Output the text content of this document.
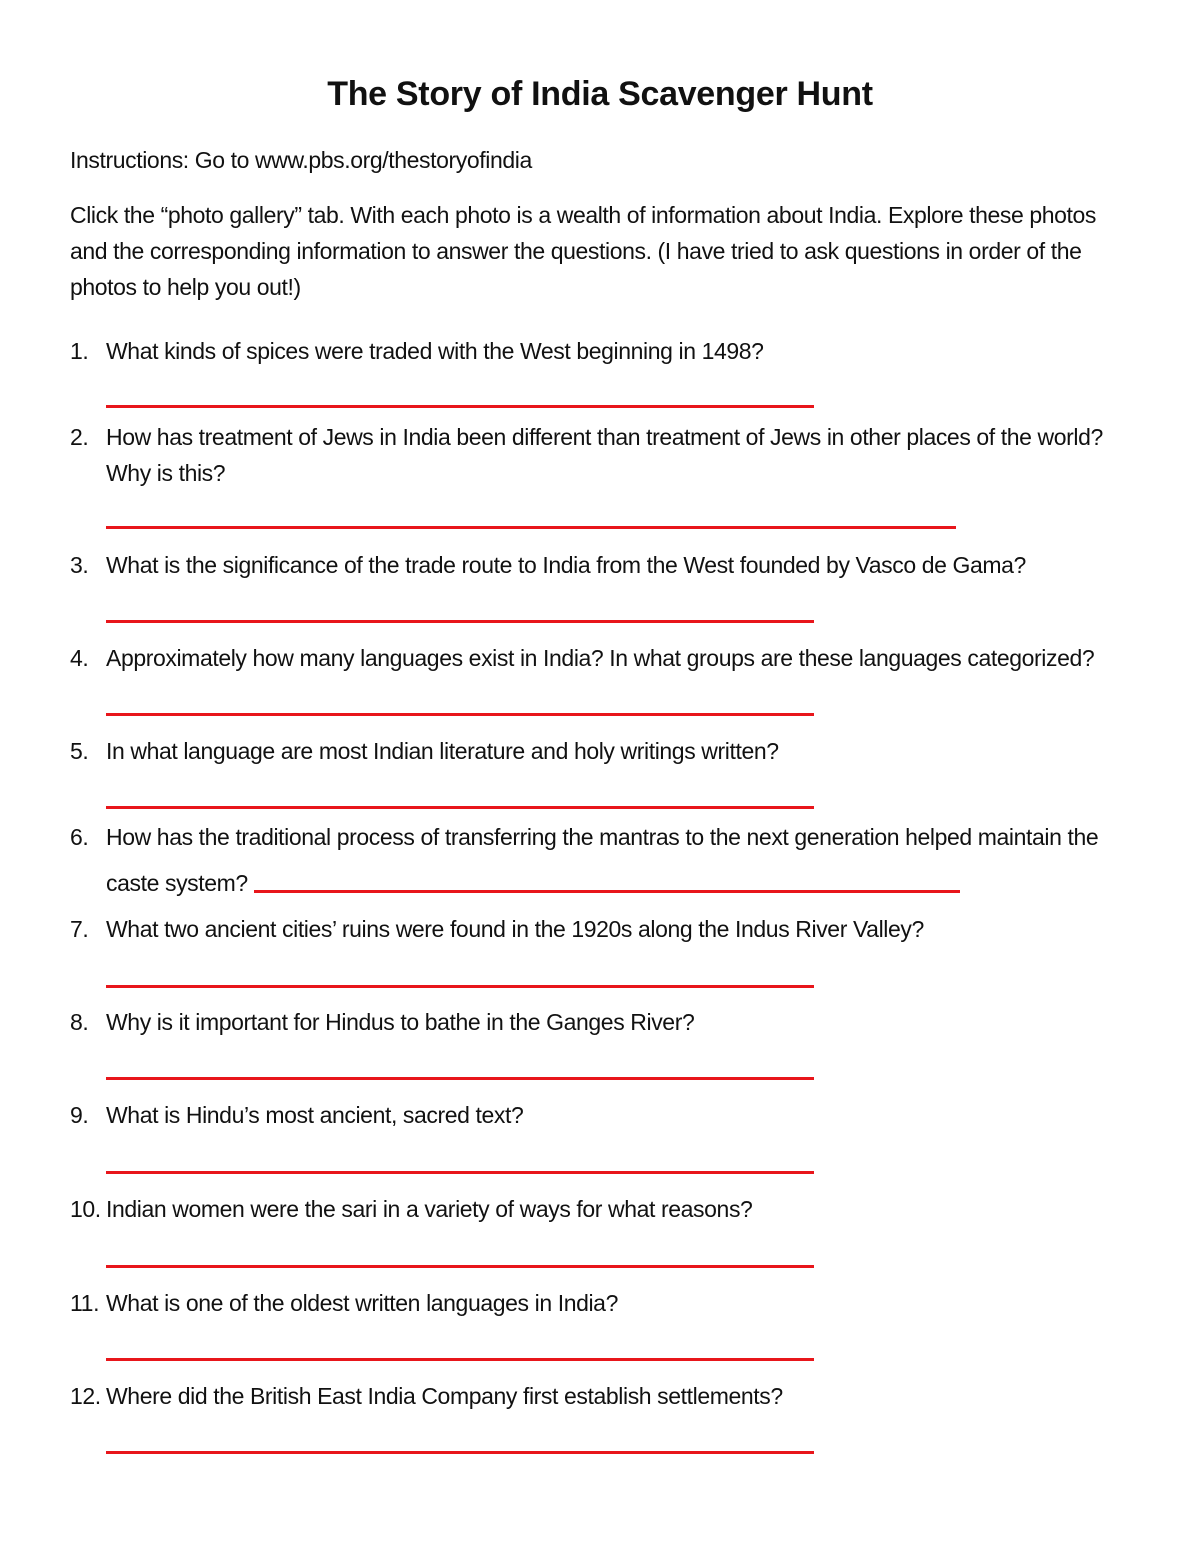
The Story of India Scavenger Hunt
Instructions: Go to www.pbs.org/thestoryofindia
Click the “photo gallery” tab. With each photo is a wealth of information about India. Explore these photos and the corresponding information to answer the questions. (I have tried to ask questions in order of the photos to help you out!)
1. What kinds of spices were traded with the West beginning in 1498?
2. How has treatment of Jews in India been different than treatment of Jews in other places of the world? Why is this?
3. What is the significance of the trade route to India from the West founded by Vasco de Gama?
4. Approximately how many languages exist in India? In what groups are these languages categorized?
5. In what language are most Indian literature and holy writings written?
6. How has the traditional process of transferring the mantras to the next generation helped maintain the
caste system?
7. What two ancient cities’ ruins were found in the 1920s along the Indus River Valley?
8. Why is it important for Hindus to bathe in the Ganges River?
9. What is Hindu’s most ancient, sacred text?
10. Indian women were the sari in a variety of ways for what reasons?
11. What is one of the oldest written languages in India?
12. Where did the British East India Company first establish settlements?
